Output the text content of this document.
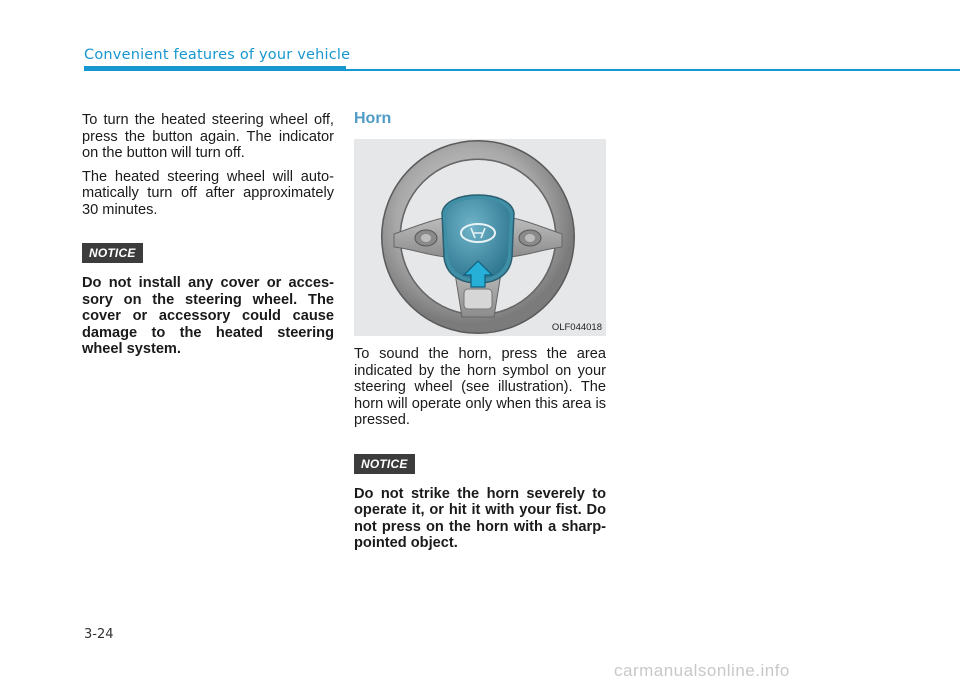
Convenient features of your vehicle

To turn the heated steering wheel off, press the button again. The indicator on the button will turn off.

The heated steering wheel will auto-matically turn off after approximately 30 minutes.

NOTICE

Do not install any cover or acces-sory on the steering wheel. The cover or accessory could cause damage to the heated steering wheel system.

Horn
OLF044018

To sound the horn, press the area indicated by the horn symbol on your steering wheel (see illustration). The horn will operate only when this area is pressed.

NOTICE

Do not strike the horn severely to operate it, or hit it with your fist. Do not press on the horn with a sharp-pointed object.

3-24
carmanualsonline.info
